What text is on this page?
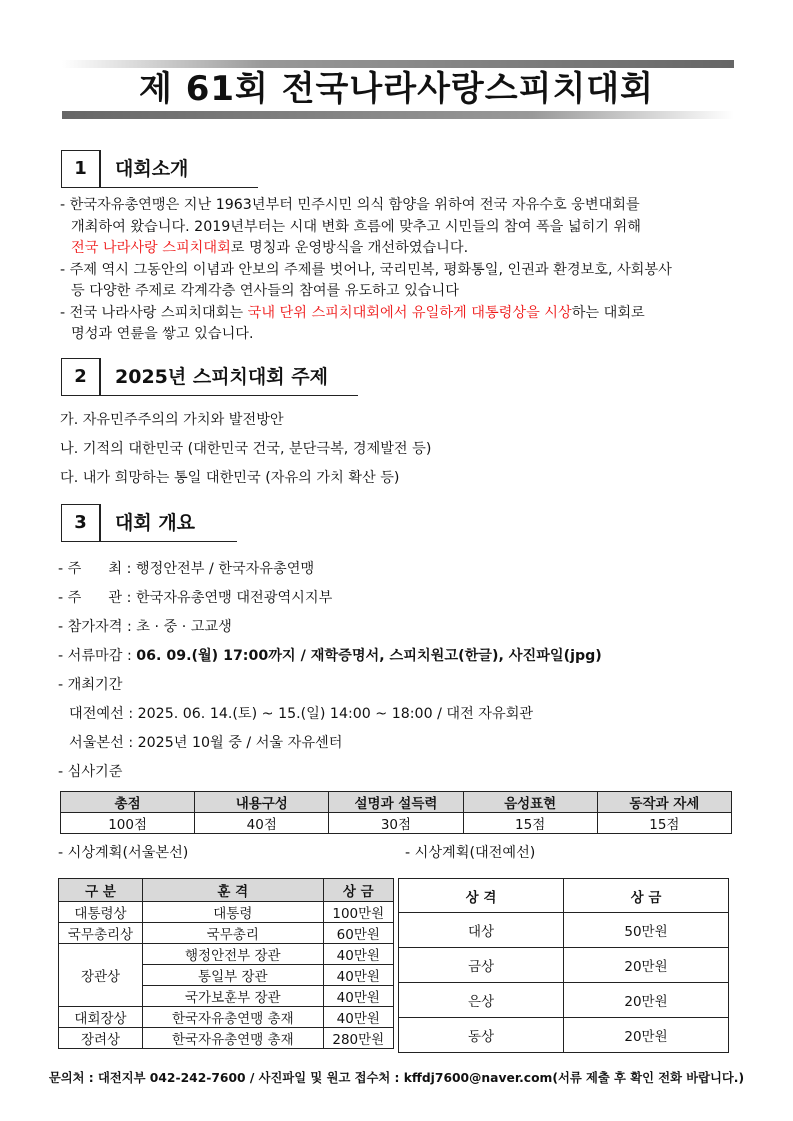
제 61회 전국나라사랑스피치대회
1	대회소개
- 한국자유총연맹은 지난 1963년부터 민주시민 의식 함양을 위하여 전국 자유수호 웅변대회를
개최하여 왔습니다. 2019년부터는 시대 변화 흐름에 맞추고 시민들의 참여 폭을 넓히기 위해
전국 나라사랑 스피치대회로 명칭과 운영방식을 개선하였습니다.
- 주제 역시 그동안의 이념과 안보의 주제를 벗어나, 국리민복, 평화통일, 인권과 환경보호, 사회봉사
등 다양한 주제로 각계각층 연사들의 참여를 유도하고 있습니다
- 전국 나라사랑 스피치대회는 국내 단위 스피치대회에서 유일하게 대통령상을 시상하는 대회로
명성과 연륜을 쌓고 있습니다.
2	2025년 스피치대회 주제
가. 자유민주주의의 가치와 발전방안
나. 기적의 대한민국 (대한민국 건국, 분단극복, 경제발전 등)
다. 내가 희망하는 통일 대한민국 (자유의 가치 확산 등)
3	대회 개요
- 주      최 : 행정안전부 / 한국자유총연맹
- 주      관 : 한국자유총연맹 대전광역시지부
- 참가자격 : 초 · 중 · 고교생
- 서류마감 : 06. 09.(월) 17:00까지 / 재학증명서, 스피치원고(한글), 사진파일(jpg)
- 개최기간
대전예선 : 2025. 06. 14.(토) ~ 15.(일) 14:00 ~ 18:00 / 대전 자유회관
서울본선 : 2025년 10월 중 / 서울 자유센터
- 심사기준
총점	내용구성	설명과 설득력	음성표현	동작과 자세
100점	40점	30점	15점	15점
- 시상계획(서울본선)	- 시상계획(대전예선)
구 분	훈 격	상 금
대통령상	대통령	100만원
국무총리상	국무총리	60만원
장관상	행정안전부 장관	40만원
	통일부 장관	40만원
	국가보훈부 장관	40만원
대회장상	한국자유총연맹 총재	40만원
장려상	한국자유총연맹 총재	280만원
상 격	상 금
대상	50만원
금상	20만원
은상	20만원
동상	20만원
문의처 : 대전지부 042-242-7600 / 사진파일 및 원고 접수처 : kffdj7600@naver.com(서류 제출 후 확인 전화 바랍니다.)
